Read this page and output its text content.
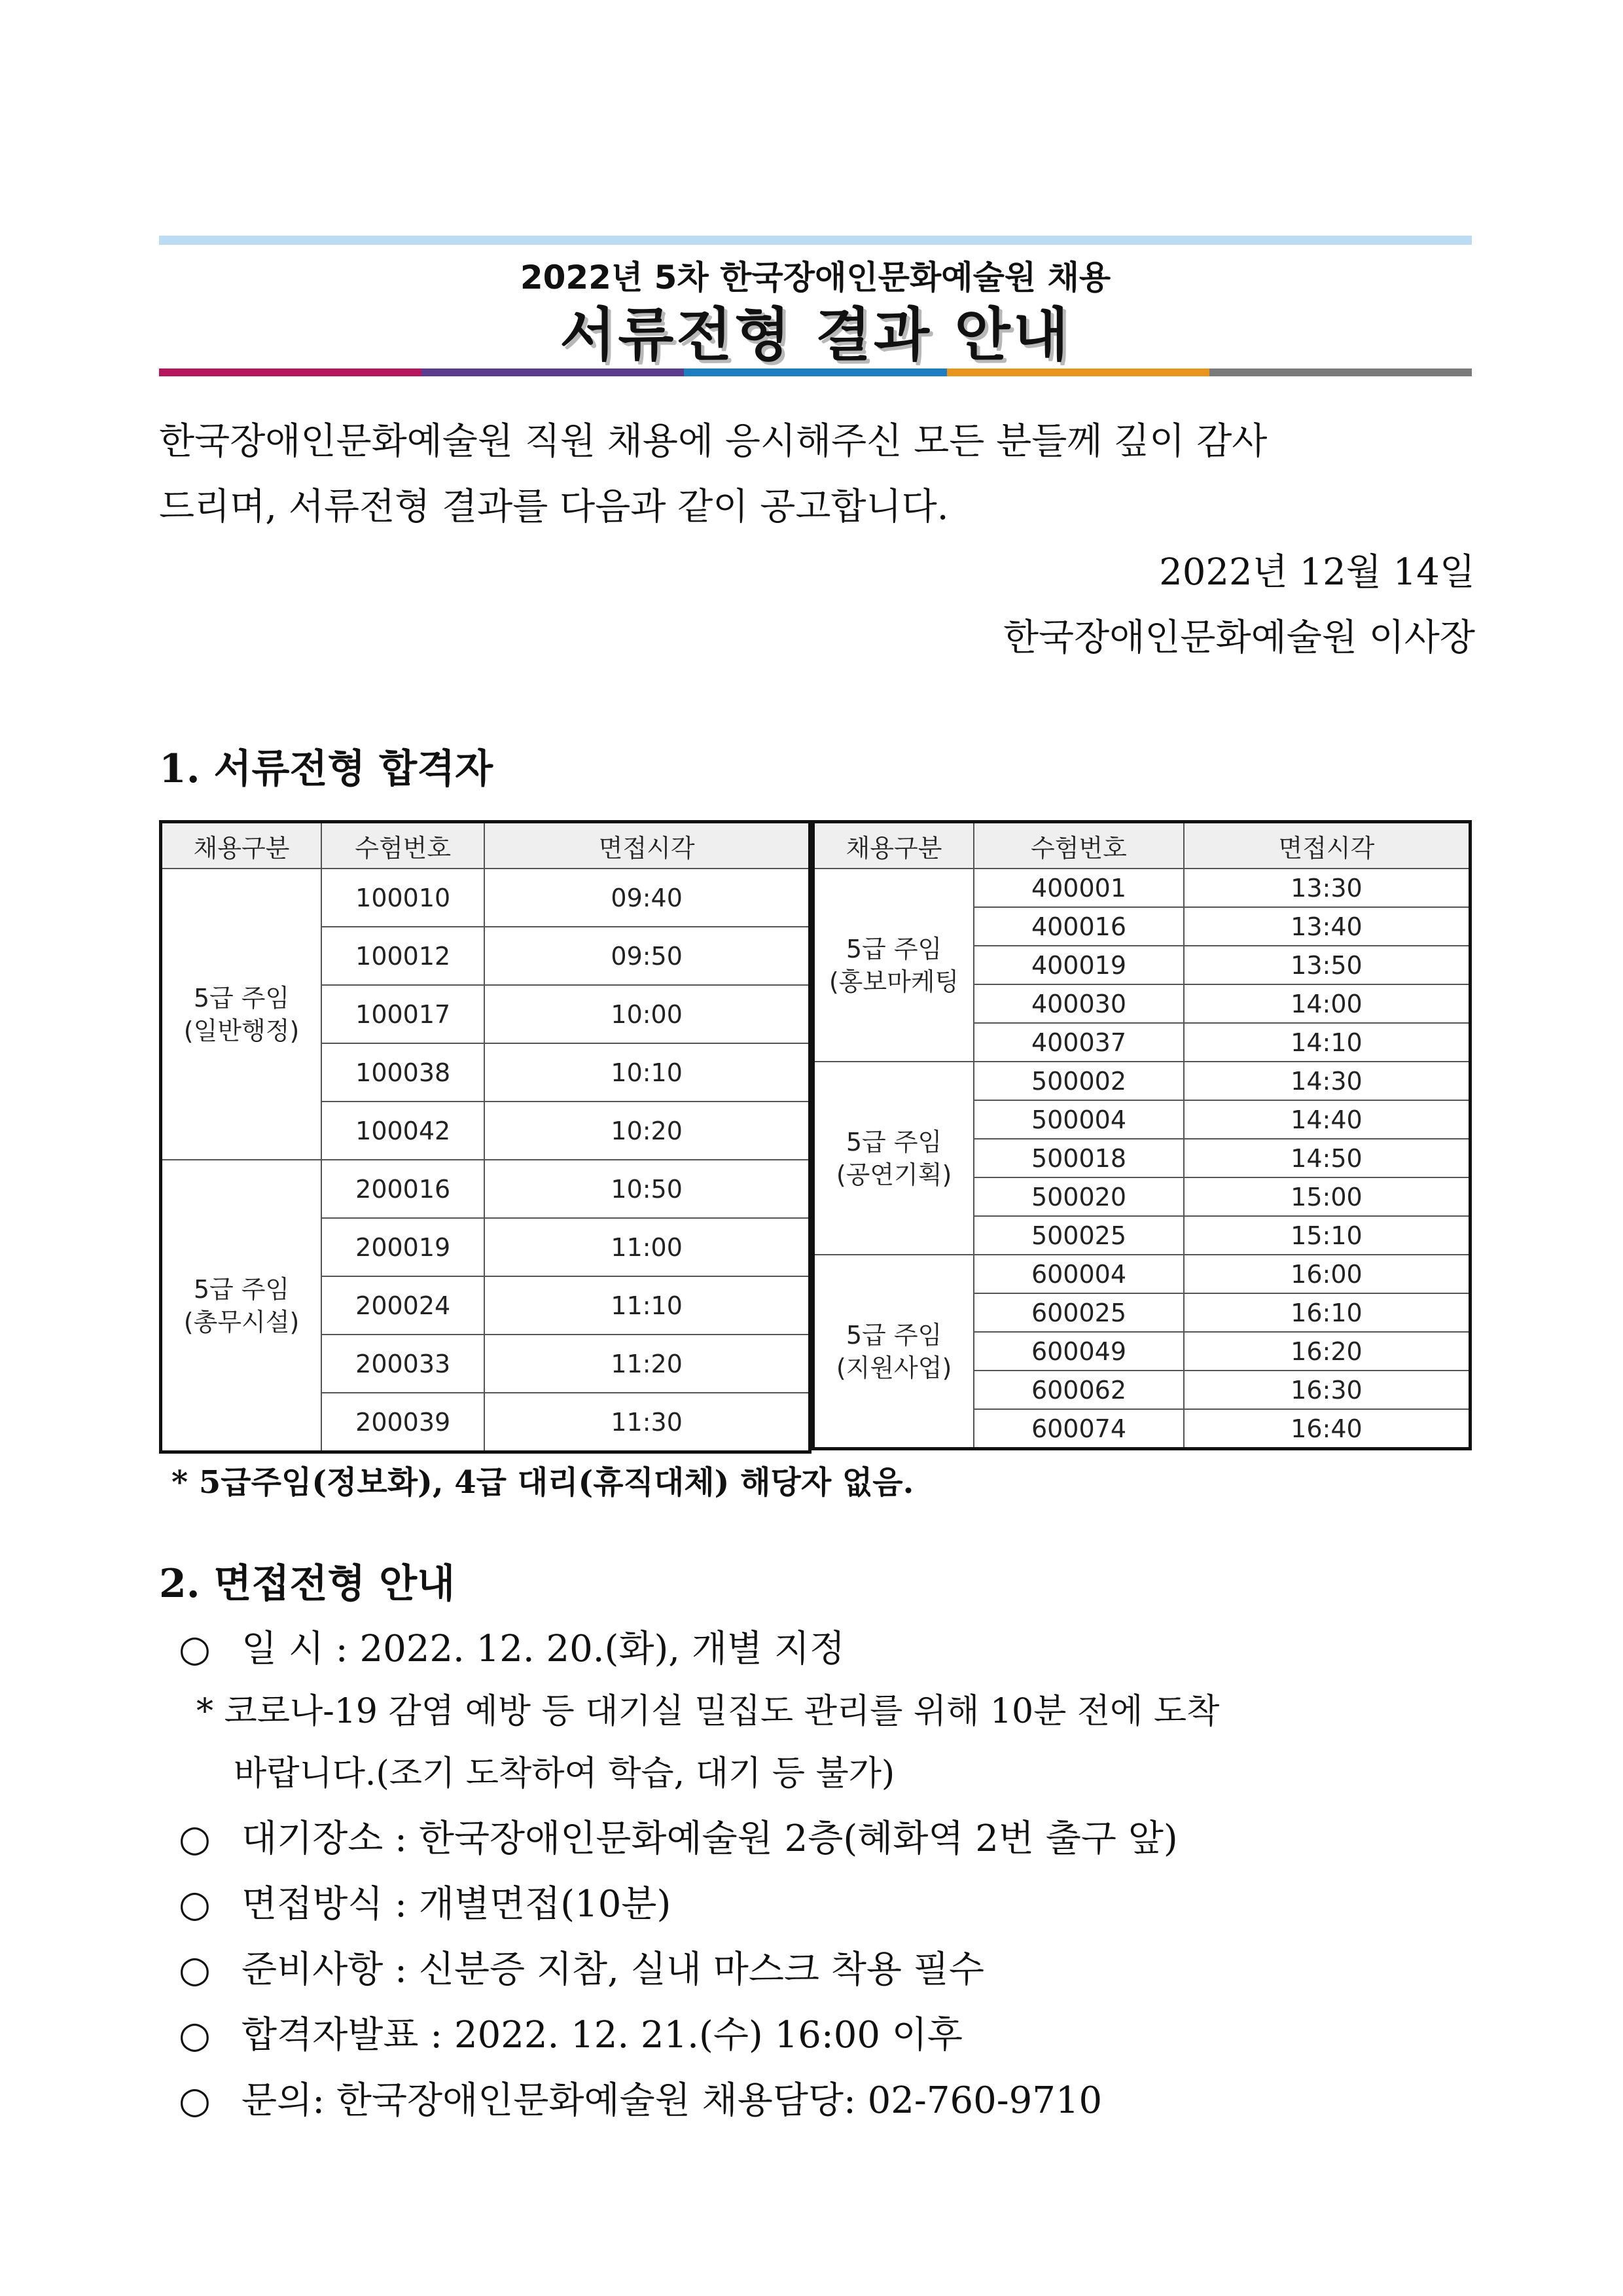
2022년 5차 한국장애인문화예술원 채용
서류전형 결과 안내

한국장애인문화예술원 직원 채용에 응시해주신 모든 분들께 깊이 감사

드리며, 서류전형 결과를 다음과 같이 공고합니다.

2022년 12월 14일
한국장애인문화예술원 이사장
1. 서류전형 합격자
채용구분	수험번호	면접시각

5급 주임
(일반행정)	100010	09:40
	100012	09:50
	100017	10:00
	100038	10:10
	100042	10:20

5급 주임
(총무시설)	200016	10:50
	200019	11:00
	200024	11:10
	200033	11:20
	200039	11:30
채용구분	수험번호	면접시각

5급 주임
(홍보마케팅	400001	13:30
	400016	13:40
	400019	13:50
	400030	14:00
	400037	14:10

5급 주임
(공연기획)	500002	14:30
	500004	14:40
	500018	14:50
	500020	15:00
	500025	15:10

5급 주임
(지원사업)	600004	16:00
	600025	16:10
	600049	16:20
	600062	16:30
	600074	16:40
* 5급주임(정보화), 4급 대리(휴직대체) 해당자 없음.
2. 면접전형 안내
○ 일 시 : 2022. 12. 20.(화), 개별 지정
* 코로나-19 감염 예방 등 대기실 밀집도 관리를 위해 10분 전에 도착
바랍니다.(조기 도착하여 학습, 대기 등 불가)
○ 대기장소 : 한국장애인문화예술원 2층(혜화역 2번 출구 앞)
○ 면접방식 : 개별면접(10분)
○ 준비사항 : 신분증 지참, 실내 마스크 착용 필수
○ 합격자발표 : 2022. 12. 21.(수) 16:00 이후
○ 문의: 한국장애인문화예술원 채용담당: 02-760-9710
